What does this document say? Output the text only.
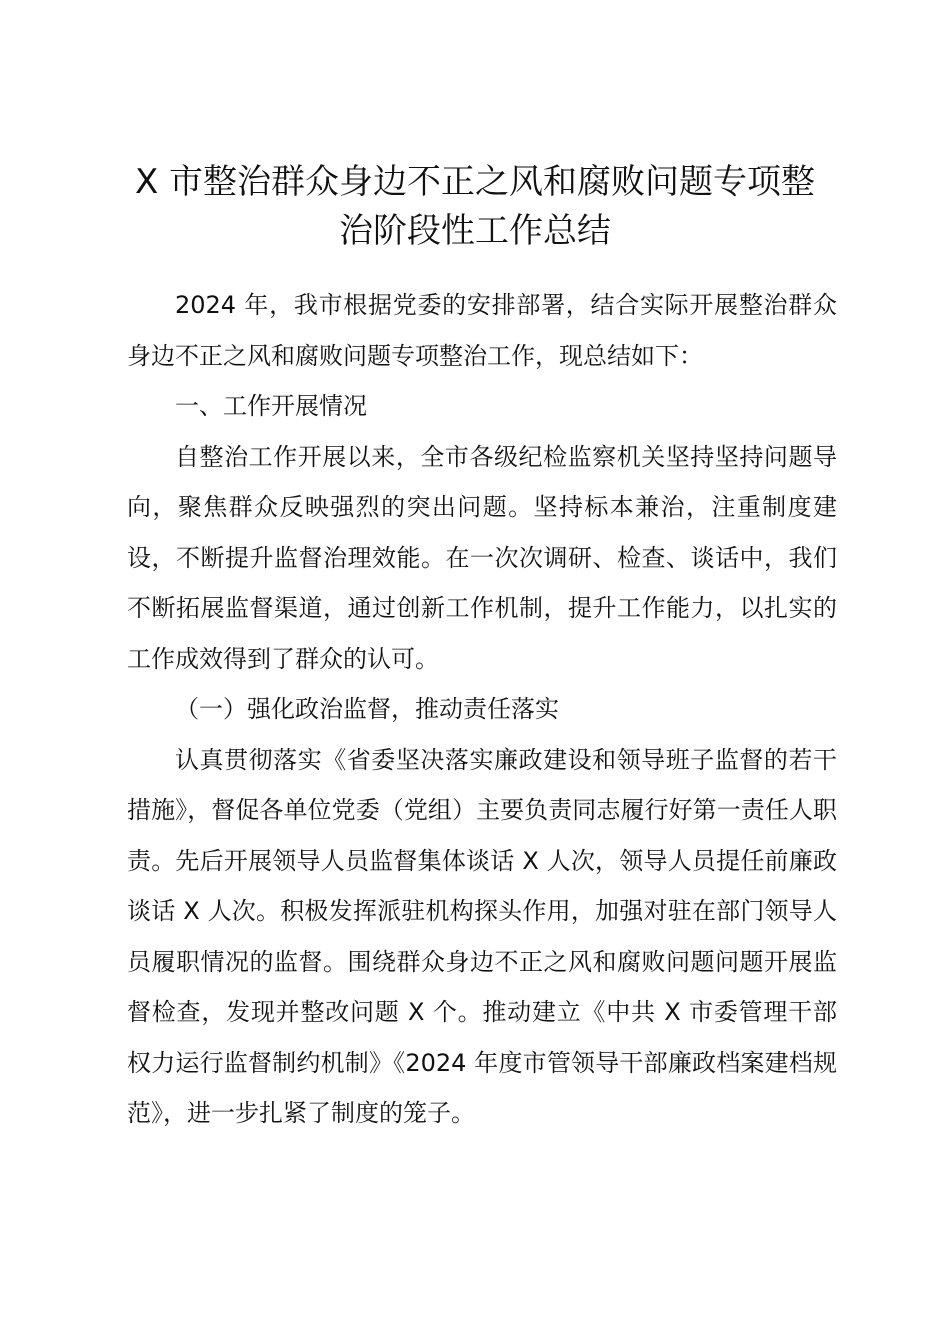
X 市整治群众身边不正之风和腐败问题专项整
治阶段性工作总结

2024 年，我市根据党委的安排部署，结合实际开展整治群众身边不正之风和腐败问题专项整治工作，现总结如下：

一、工作开展情况

自整治工作开展以来，全市各级纪检监察机关坚持坚持问题导向，聚焦群众反映强烈的突出问题。坚持标本兼治，注重制度建设，不断提升监督治理效能。在一次次调研、检查、谈话中，我们不断拓展监督渠道，通过创新工作机制，提升工作能力，以扎实的工作成效得到了群众的认可。

（一）强化政治监督，推动责任落实

认真贯彻落实《省委坚决落实廉政建设和领导班子监督的若干措施》，督促各单位党委（党组）主要负责同志履行好第一责任人职责。先后开展领导人员监督集体谈话 X 人次，领导人员提任前廉政谈话 X 人次。积极发挥派驻机构探头作用，加强对驻在部门领导人员履职情况的监督。围绕群众身边不正之风和腐败问题问题开展监督检查，发现并整改问题 X 个。推动建立《中共 X 市委管理干部权力运行监督制约机制》《2024 年度市管领导干部廉政档案建档规范》，进一步扎紧了制度的笼子。
